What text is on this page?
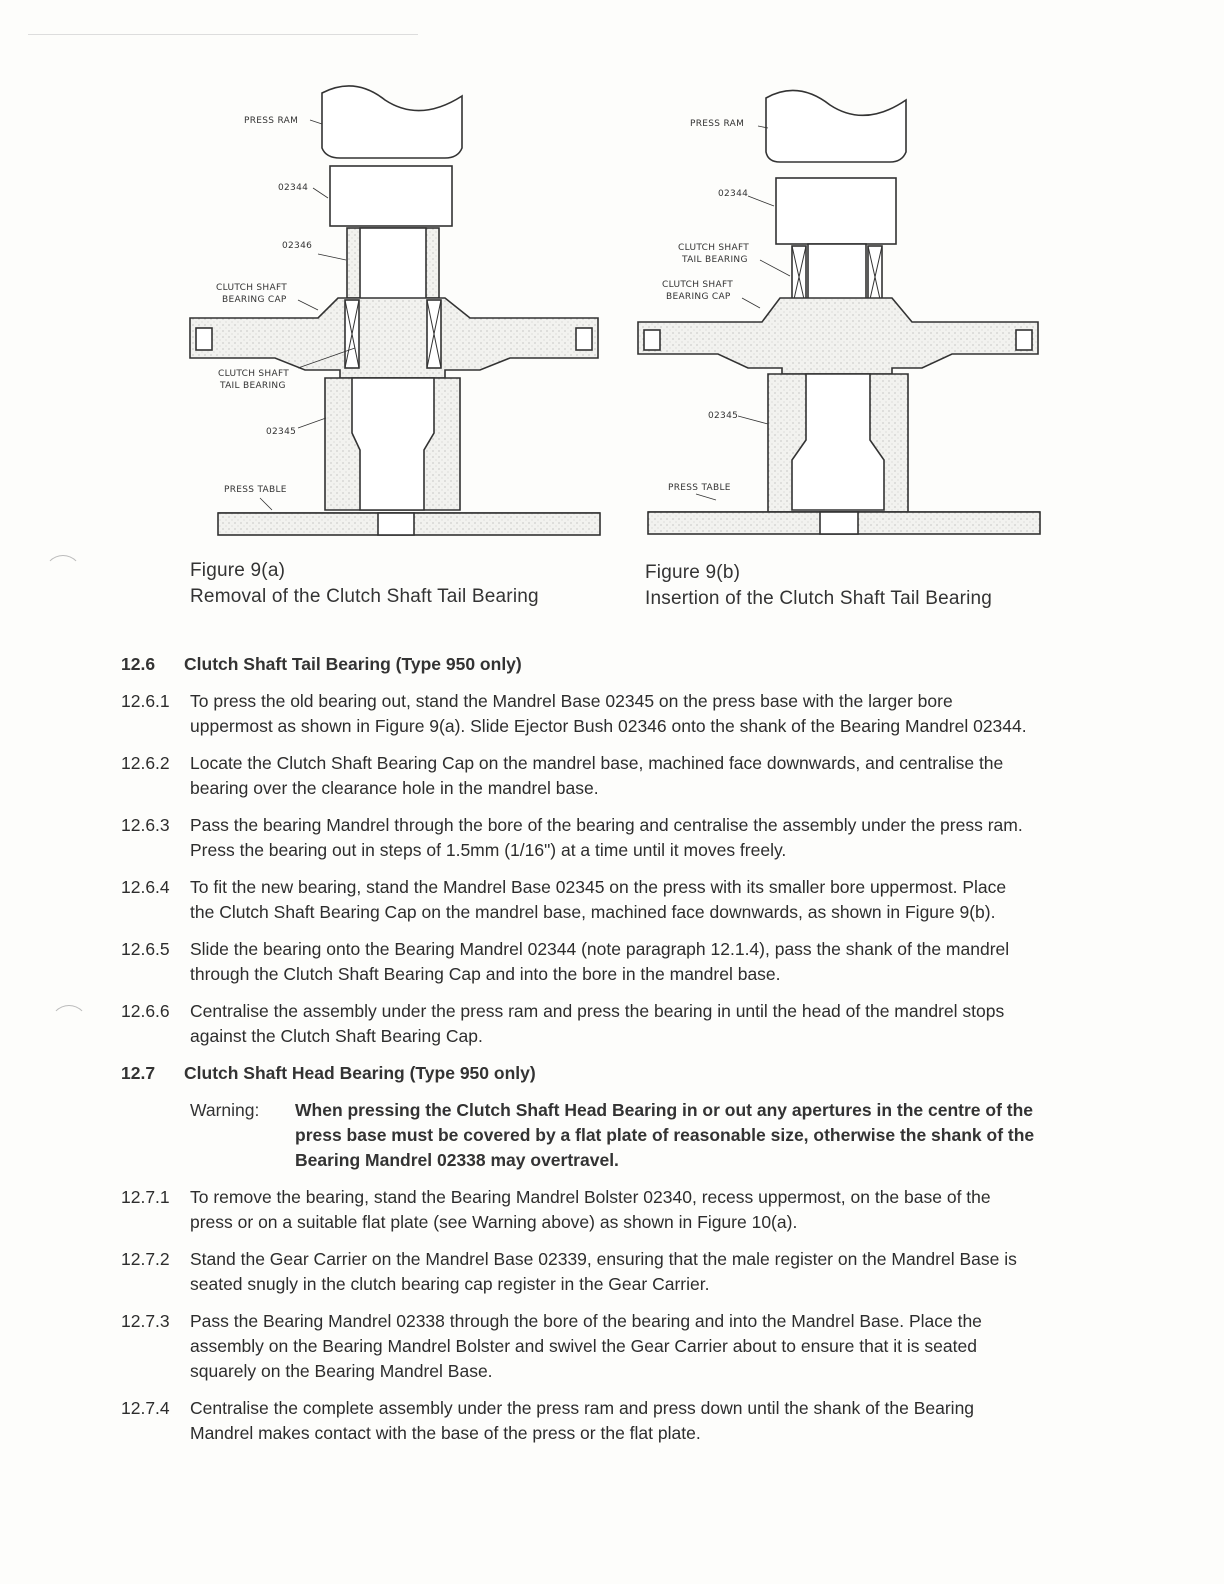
PRESS RAM
02344
02346
CLUTCH SHAFT
BEARING CAP
CLUTCH SHAFT
TAIL BEARING
02345
PRESS TABLE
PRESS RAM
02344
CLUTCH SHAFT
TAIL BEARING
CLUTCH SHAFT
BEARING CAP
02345
PRESS TABLE
Figure 9(a)
Removal of the Clutch Shaft Tail Bearing
Figure 9(b)
Insertion of the Clutch Shaft Tail Bearing
12.6	Clutch Shaft Tail Bearing (Type 950 only)
12.6.1	To press the old bearing out, stand the Mandrel Base 02345 on the press base with the larger bore uppermost as shown in Figure 9(a). Slide Ejector Bush 02346 onto the shank of the Bearing Mandrel 02344.
12.6.2	Locate the Clutch Shaft Bearing Cap on the mandrel base, machined face downwards, and centralise the bearing over the clearance hole in the mandrel base.
12.6.3	Pass the bearing Mandrel through the bore of the bearing and centralise the assembly under the press ram. Press the bearing out in steps of 1.5mm (1/16") at a time until it moves freely.
12.6.4	To fit the new bearing, stand the Mandrel Base 02345 on the press with its smaller bore uppermost. Place the Clutch Shaft Bearing Cap on the mandrel base, machined face downwards, as shown in Figure 9(b).
12.6.5	Slide the bearing onto the Bearing Mandrel 02344 (note paragraph 12.1.4), pass the shank of the mandrel through the Clutch Shaft Bearing Cap and into the bore in the mandrel base.
12.6.6	Centralise the assembly under the press ram and press the bearing in until the head of the mandrel stops against the Clutch Shaft Bearing Cap.
12.7	Clutch Shaft Head Bearing (Type 950 only)
Warning:	When pressing the Clutch Shaft Head Bearing in or out any apertures in the centre of the press base must be covered by a flat plate of reasonable size, otherwise the shank of the Bearing Mandrel 02338 may overtravel.
12.7.1	To remove the bearing, stand the Bearing Mandrel Bolster 02340, recess uppermost, on the base of the press or on a suitable flat plate (see Warning above) as shown in Figure 10(a).
12.7.2	Stand the Gear Carrier on the Mandrel Base 02339, ensuring that the male register on the Mandrel Base is seated snugly in the clutch bearing cap register in the Gear Carrier.
12.7.3	Pass the Bearing Mandrel 02338 through the bore of the bearing and into the Mandrel Base. Place the assembly on the Bearing Mandrel Bolster and swivel the Gear Carrier about to ensure that it is seated squarely on the Bearing Mandrel Base.
12.7.4	Centralise the complete assembly under the press ram and press down until the shank of the Bearing Mandrel makes contact with the base of the press or the flat plate.
